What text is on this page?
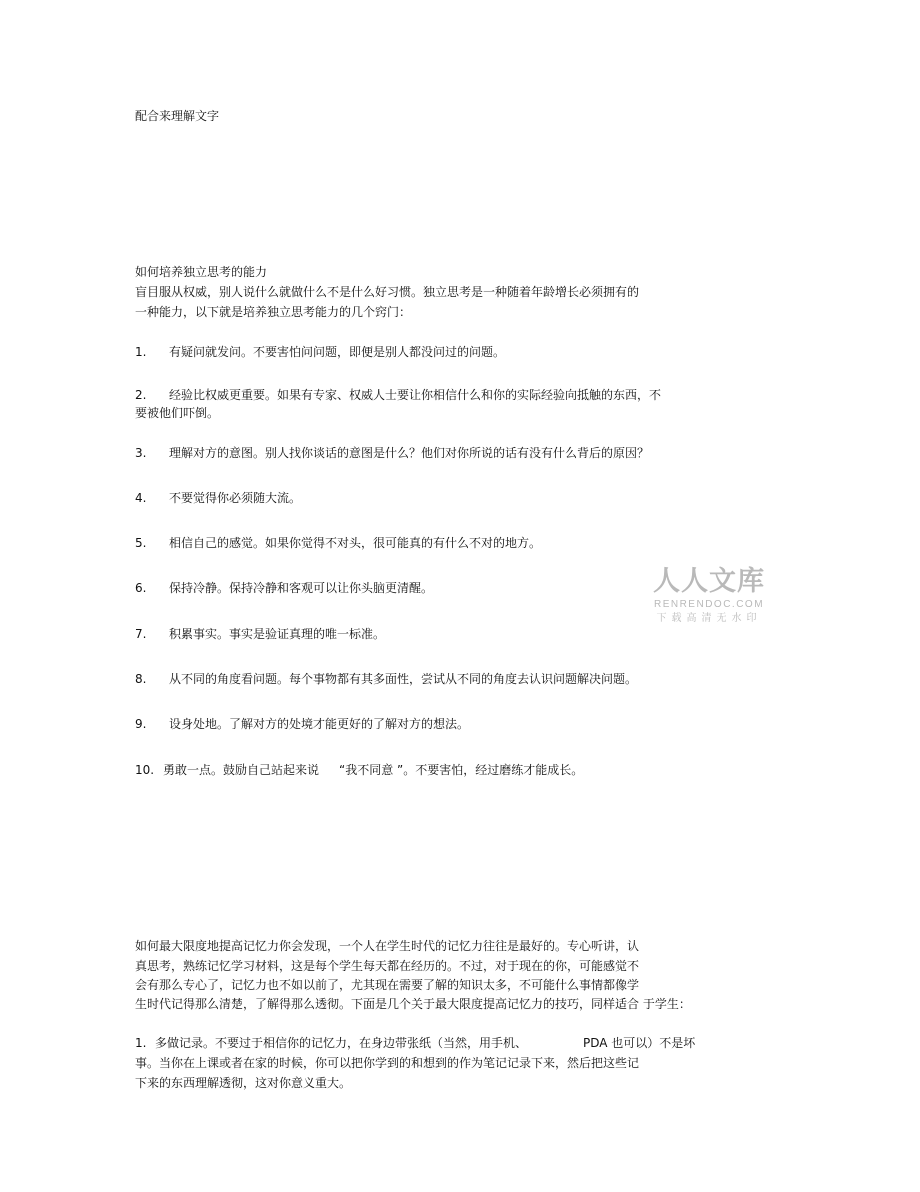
配合来理解文字
如何培养独立思考的能力
盲目服从权威，别人说什么就做什么不是什么好习惯。独立思考是一种随着年龄增长必须拥有的
一种能力，以下就是培养独立思考能力的几个窍门：
1. 有疑问就发问。不要害怕问问题，即便是别人都没问过的问题。
2. 经验比权威更重要。如果有专家、权威人士要让你相信什么和你的实际经验向抵触的东西，不
要被他们吓倒。
3. 理解对方的意图。别人找你谈话的意图是什么？他们对你所说的话有没有什么背后的原因？
4. 不要觉得你必须随大流。
5. 相信自己的感觉。如果你觉得不对头，很可能真的有什么不对的地方。
6. 保持冷静。保持冷静和客观可以让你头脑更清醒。
7. 积累事实。事实是验证真理的唯一标准。
8. 从不同的角度看问题。每个事物都有其多面性，尝试从不同的角度去认识问题解决问题。
9. 设身处地。了解对方的处境才能更好的了解对方的想法。
10. 勇敢一点。鼓励自己站起来说 “我不同意 ”。不要害怕，经过磨练才能成长。
如何最大限度地提高记忆力你会发现，一个人在学生时代的记忆力往往是最好的。专心听讲，认
真思考，熟练记忆学习材料，这是每个学生每天都在经历的。不过，对于现在的你，可能感觉不
会有那么专心了，记忆力也不如以前了，尤其现在需要了解的知识太多，不可能什么事情都像学
生时代记得那么清楚，了解得那么透彻。下面是几个关于最大限度提高记忆力的技巧，同样适合 于学生：
1. 多做记录。不要过于相信你的记忆力，在身边带张纸（当然，用手机、	PDA 也可以）不是坏
事。当你在上课或者在家的时候，你可以把你学到的和想到的作为笔记记录下来，然后把这些记
下来的东西理解透彻，这对你意义重大。
人人文库
RENRENDOC.COM
下载高清无水印
